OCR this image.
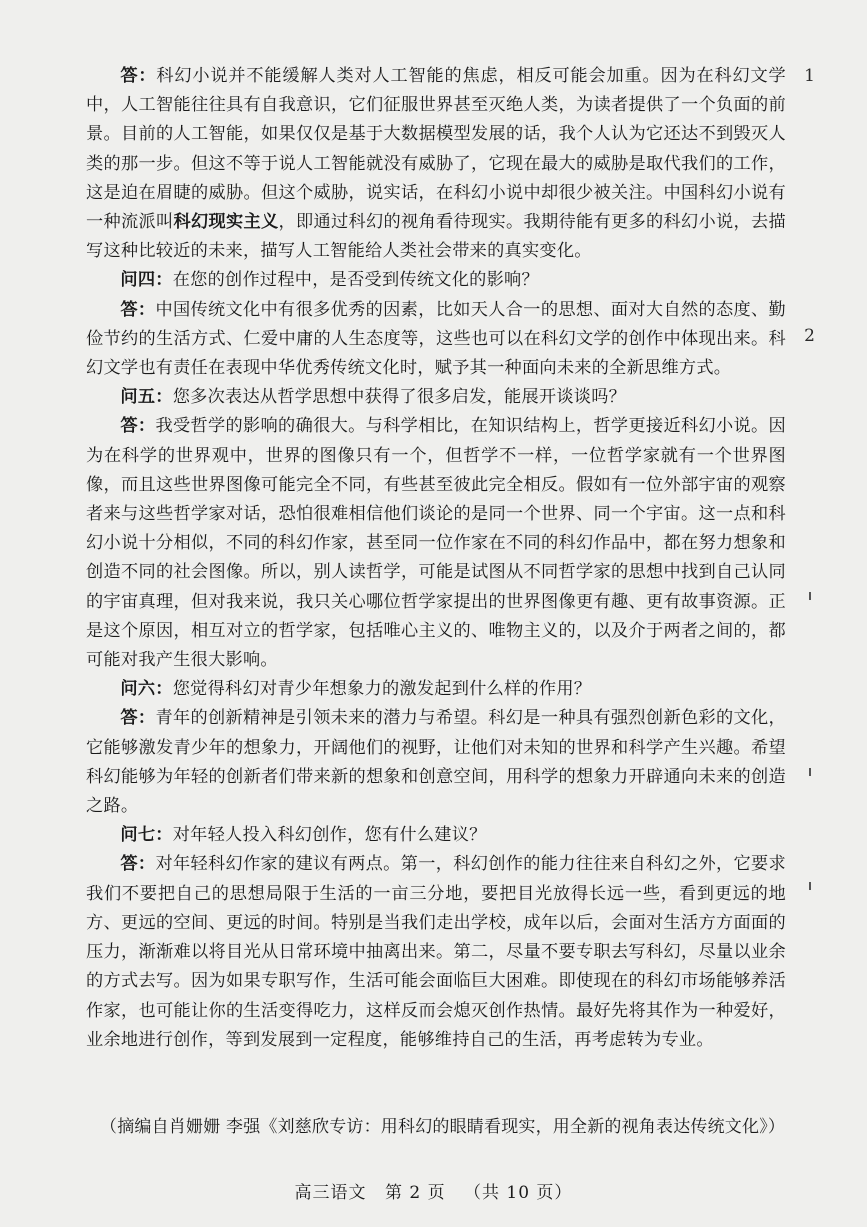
1
2

答：科幻小说并不能缓解人类对人工智能的焦虑，相反可能会加重。因为在科幻文学中，人工智能往往具有自我意识，它们征服世界甚至灭绝人类，为读者提供了一个负面的前景。目前的人工智能，如果仅仅是基于大数据模型发展的话，我个人认为它还达不到毁灭人类的那一步。但这不等于说人工智能就没有威胁了，它现在最大的威胁是取代我们的工作，这是迫在眉睫的威胁。但这个威胁，说实话，在科幻小说中却很少被关注。中国科幻小说有一种流派叫科幻现实主义，即通过科幻的视角看待现实。我期待能有更多的科幻小说，去描写这种比较近的未来，描写人工智能给人类社会带来的真实变化。

问四：在您的创作过程中，是否受到传统文化的影响？

答：中国传统文化中有很多优秀的因素，比如天人合一的思想、面对大自然的态度、勤俭节约的生活方式、仁爱中庸的人生态度等，这些也可以在科幻文学的创作中体现出来。科幻文学也有责任在表现中华优秀传统文化时，赋予其一种面向未来的全新思维方式。

问五：您多次表达从哲学思想中获得了很多启发，能展开谈谈吗？

答：我受哲学的影响的确很大。与科学相比，在知识结构上，哲学更接近科幻小说。因为在科学的世界观中，世界的图像只有一个，但哲学不一样，一位哲学家就有一个世界图像，而且这些世界图像可能完全不同，有些甚至彼此完全相反。假如有一位外部宇宙的观察者来与这些哲学家对话，恐怕很难相信他们谈论的是同一个世界、同一个宇宙。这一点和科幻小说十分相似，不同的科幻作家，甚至同一位作家在不同的科幻作品中，都在努力想象和创造不同的社会图像。所以，别人读哲学，可能是试图从不同哲学家的思想中找到自己认同的宇宙真理，但对我来说，我只关心哪位哲学家提出的世界图像更有趣、更有故事资源。正是这个原因，相互对立的哲学家，包括唯心主义的、唯物主义的，以及介于两者之间的，都可能对我产生很大影响。

问六：您觉得科幻对青少年想象力的激发起到什么样的作用？

答：青年的创新精神是引领未来的潜力与希望。科幻是一种具有强烈创新色彩的文化，它能够激发青少年的想象力，开阔他们的视野，让他们对未知的世界和科学产生兴趣。希望科幻能够为年轻的创新者们带来新的想象和创意空间，用科学的想象力开辟通向未来的创造之路。

问七：对年轻人投入科幻创作，您有什么建议？

答：对年轻科幻作家的建议有两点。第一，科幻创作的能力往往来自科幻之外，它要求我们不要把自己的思想局限于生活的一亩三分地，要把目光放得长远一些，看到更远的地方、更远的空间、更远的时间。特别是当我们走出学校，成年以后，会面对生活方方面面的压力，渐渐难以将目光从日常环境中抽离出来。第二，尽量不要专职去写科幻，尽量以业余的方式去写。因为如果专职写作，生活可能会面临巨大困难。即使现在的科幻市场能够养活作家，也可能让你的生活变得吃力，这样反而会熄灭创作热情。最好先将其作为一种爱好，业余地进行创作，等到发展到一定程度，能够维持自己的生活，再考虑转为专业。

（摘编自肖姗姗 李强《刘慈欣专访：用科幻的眼睛看现实，用全新的视角表达传统文化》）
高三语文 第 2 页 （共 10 页）
